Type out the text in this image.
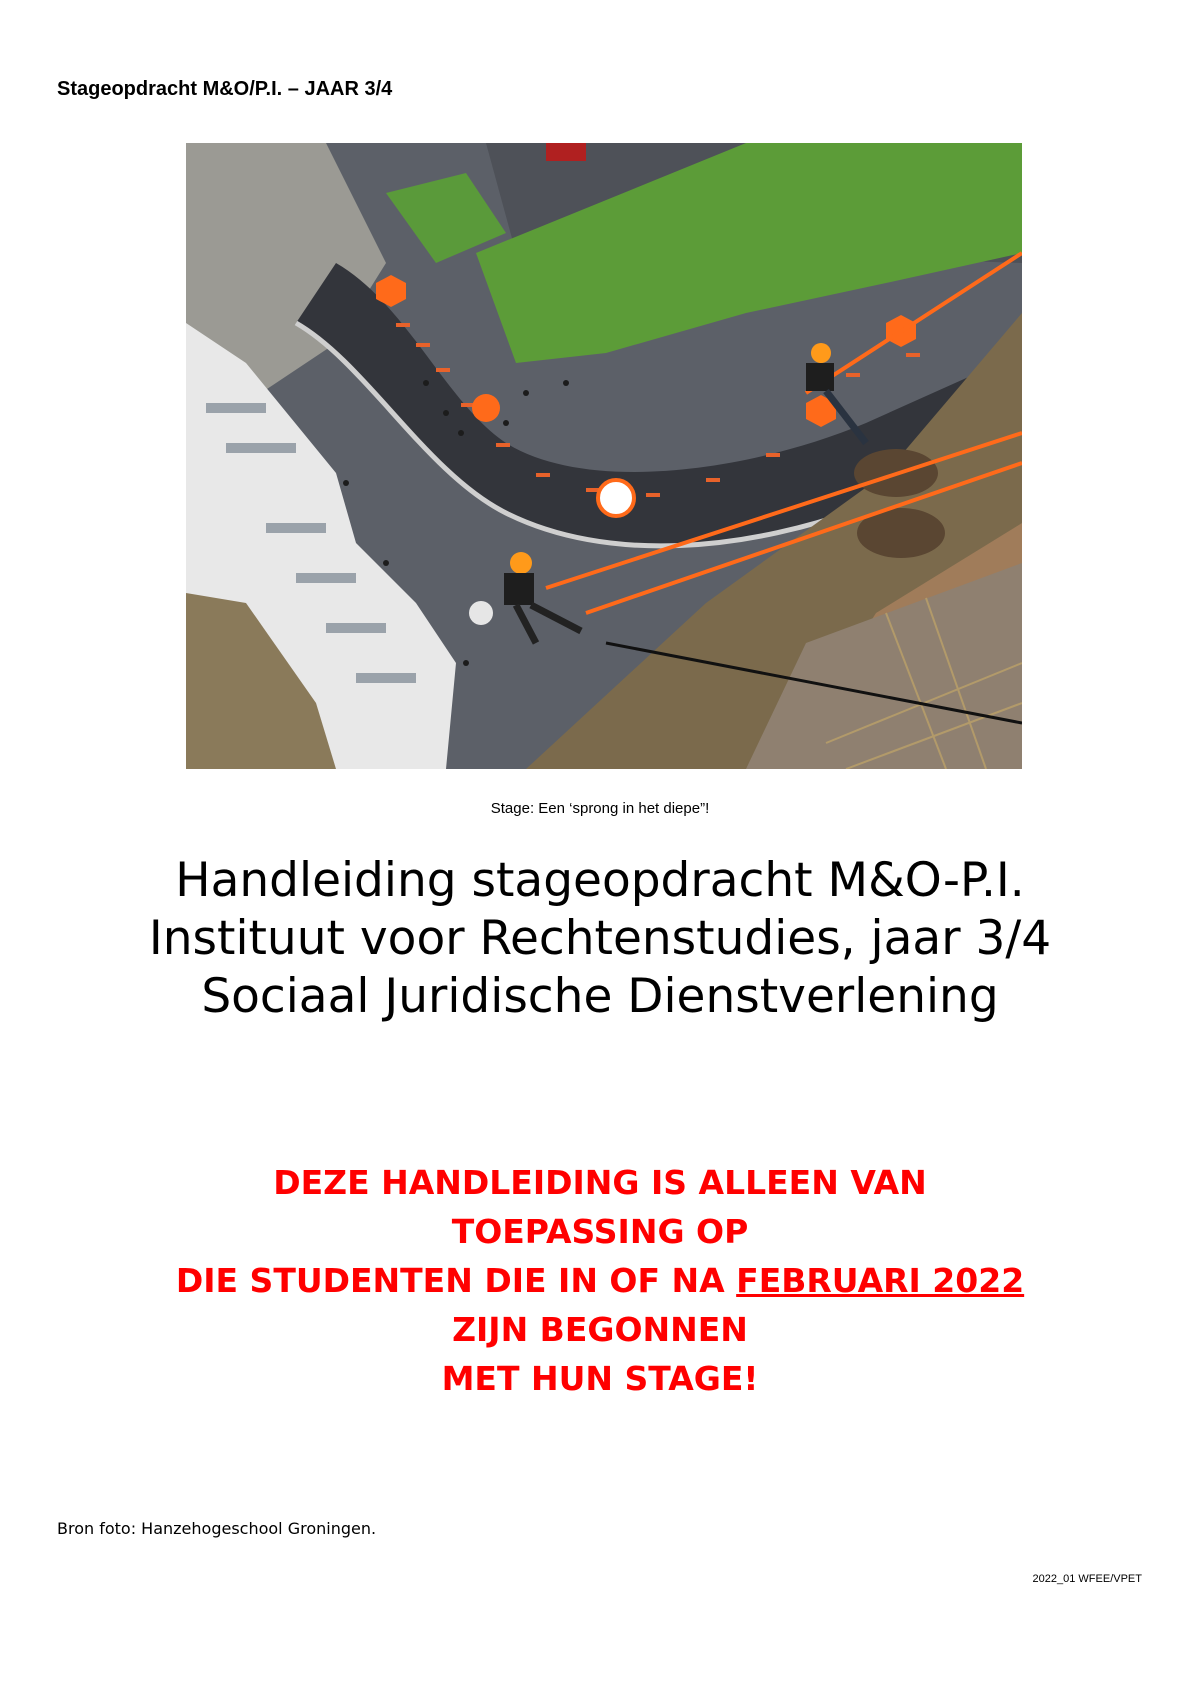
Stageopdracht M&O/P.I. – JAAR 3/4
Stage: Een ‘sprong in het diepe”!
Handleiding stageopdracht M&O-P.I.
Instituut voor Rechtenstudies, jaar 3/4
Sociaal Juridische Dienstverlening
DEZE HANDLEIDING IS ALLEEN VAN
TOEPASSING OP
DIE STUDENTEN DIE IN OF NA FEBRUARI 2022
ZIJN BEGONNEN
MET HUN STAGE!
Bron foto: Hanzehogeschool Groningen.
2022_01 WFEE/VPET
